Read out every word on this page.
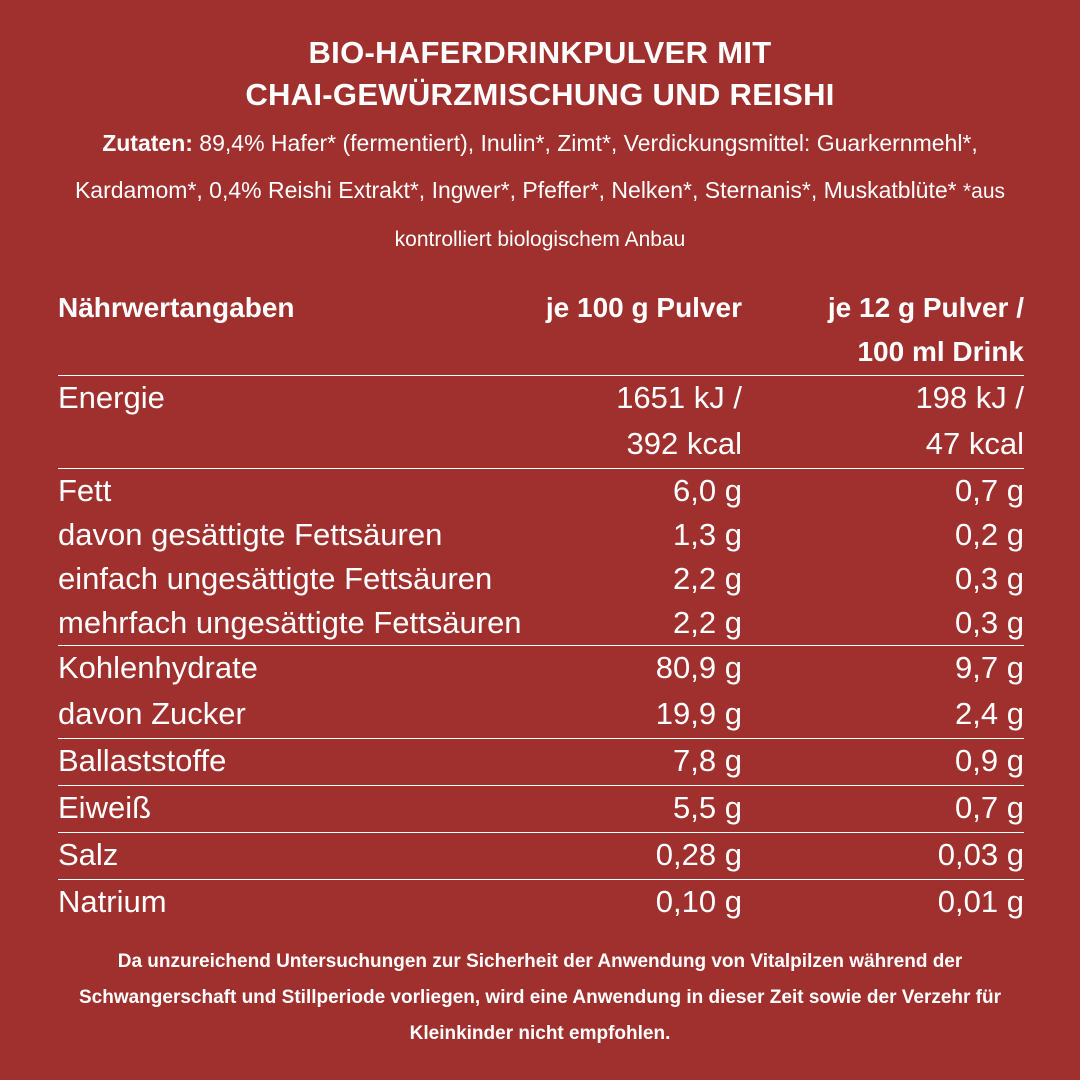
BIO-HAFERDRINKPULVER MIT
CHAI-GEWÜRZMISCHUNG UND REISHI
Zutaten: 89,4% Hafer* (fermentiert), Inulin*, Zimt*, Verdickungsmittel: Guarkernmehl*, Kardamom*, 0,4% Reishi Extrakt*, Ingwer*, Pfeffer*, Nelken*, Sternanis*, Muskatblüte* *aus kontrolliert biologischem Anbau
Nährwertangaben	je 100 g Pulver	je 12 g Pulver /
100 ml Drink
Energie	1651 kJ /	198 kJ /
392 kcal	47 kcal
Fett	6,0 g	0,7 g
davon gesättigte Fettsäuren	1,3 g	0,2 g
einfach ungesättigte Fettsäuren	2,2 g	0,3 g
mehrfach ungesättigte Fettsäuren	2,2 g	0,3 g
Kohlenhydrate	80,9 g	9,7 g
davon Zucker	19,9 g	2,4 g
Ballaststoffe	7,8 g	0,9 g
Eiweiß	5,5 g	0,7 g
Salz	0,28 g	0,03 g
Natrium	0,10 g	0,01 g
Da unzureichend Untersuchungen zur Sicherheit der Anwendung von Vitalpilzen während der Schwangerschaft und Stillperiode vorliegen, wird eine Anwendung in dieser Zeit sowie der Verzehr für Kleinkinder nicht empfohlen.
